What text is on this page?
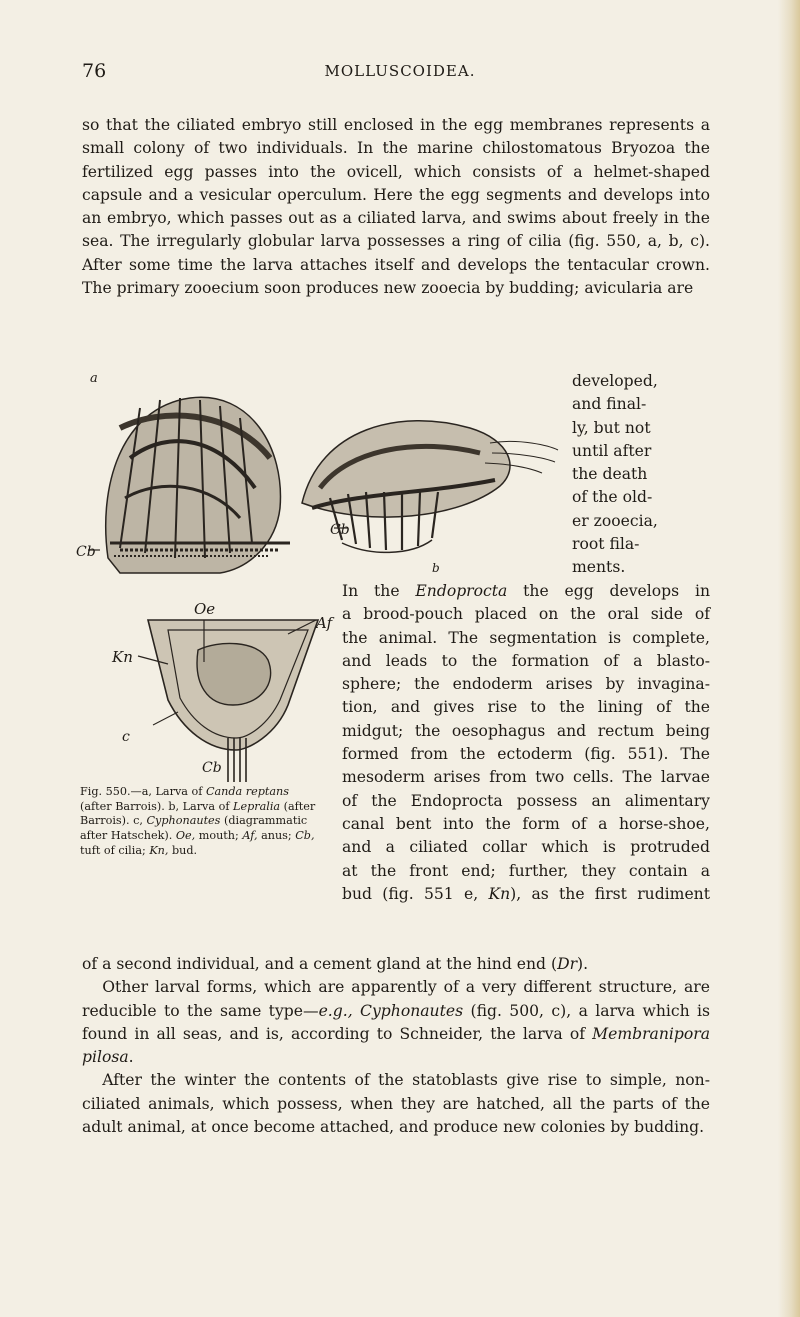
76	MOLLUSCOIDEA.

so that the ciliated embryo still enclosed in the egg membranes represents a small colony of two individuals. In the marine chilostomatous Bryozoa the fertilized egg passes into the ovicell, which consists of a helmet-shaped capsule and a vesicular operculum. Here the egg segments and develops into an embryo, which passes out as a ciliated larva, and swims about freely in the sea. The irregularly globular larva possesses a ring of cilia (fig. 550, a, b, c). After some time the larva attaches itself and develops the tentacular crown. The primary zooecium soon produces new zooecia by budding; avicularia are

a
Cb
Cb
b
Oe
Af
Kn
c
Cb
developed,
and final-
ly, but not
until after
the death
of the old-
er zooecia,
root fila-
ments.
In the Endoprocta the egg develops in
a brood-pouch placed on the oral side of
the animal. The segmentation is complete,
and leads to the formation of a blasto-
sphere; the endoderm arises by invagina-
tion, and gives rise to the lining of the
midgut; the oesophagus and rectum being
formed from the ectoderm (fig. 551). The
mesoderm arises from two cells. The larvae
of the Endoprocta possess an alimentary
canal bent into the form of a horse-shoe,
and a ciliated collar which is protruded
at the front end; further, they contain a
bud (fig. 551 e, Kn), as the first rudiment
Fig. 550.—a, Larva of Canda reptans (after Barrois). b, Larva of Lepralia (after Barrois). c, Cyphonautes (diagrammatic after Hatschek). Oe, mouth; Af, anus; Cb, tuft of cilia; Kn, bud.

of a second individual, and a cement gland at the hind end (Dr).

Other larval forms, which are apparently of a very different structure, are reducible to the same type—e.g., Cyphonautes (fig. 500, c), a larva which is found in all seas, and is, according to Schneider, the larva of Membranipora pilosa.

After the winter the contents of the statoblasts give rise to simple, non-ciliated animals, which possess, when they are hatched, all the parts of the adult animal, at once become attached, and produce new colonies by budding.
